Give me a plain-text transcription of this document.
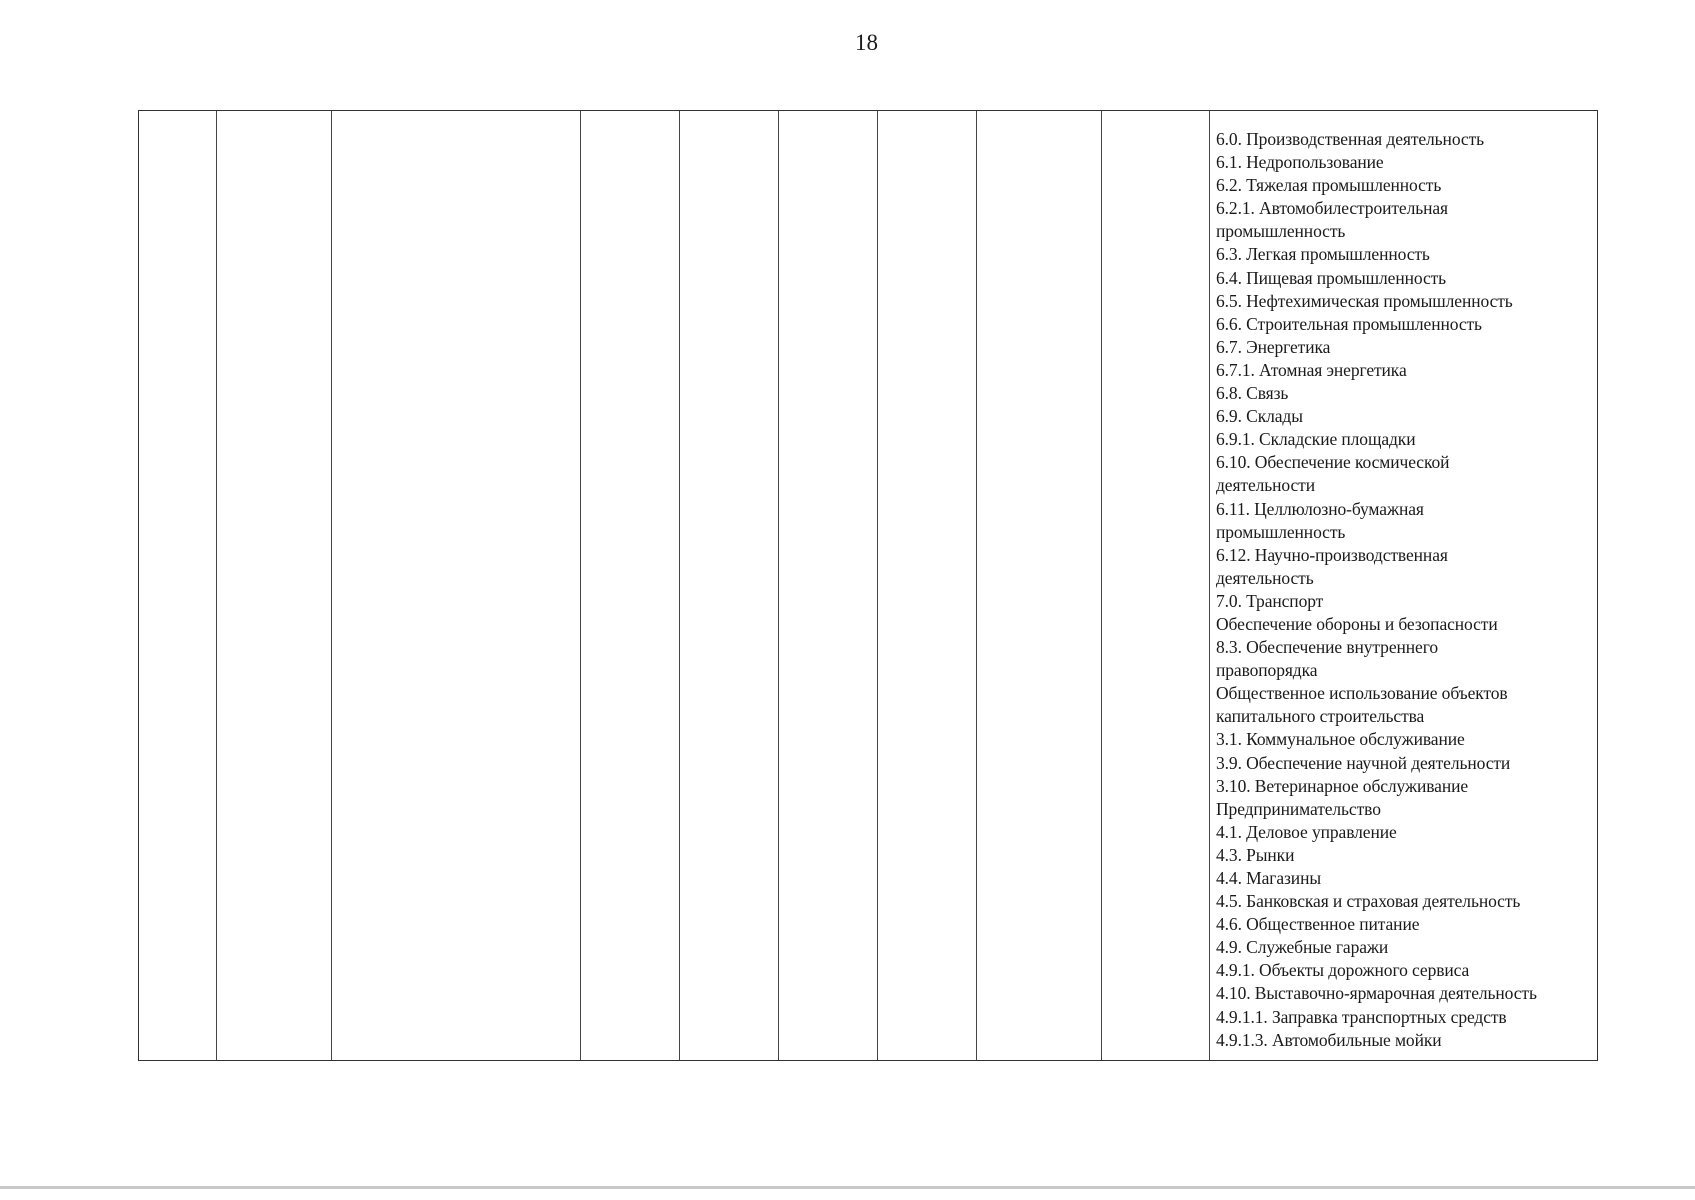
18
6.0. Производственная деятельность
6.1. Недропользование
6.2. Тяжелая промышленность
6.2.1. Автомобилестроительная
промышленность
6.3. Легкая промышленность
6.4. Пищевая промышленность
6.5. Нефтехимическая промышленность
6.6. Строительная промышленность
6.7. Энергетика
6.7.1. Атомная энергетика
6.8. Связь
6.9. Склады
6.9.1. Складские площадки
6.10. Обеспечение космической
деятельности
6.11. Целлюлозно-бумажная
промышленность
6.12. Научно-производственная
деятельность
7.0. Транспорт
Обеспечение обороны и безопасности
8.3. Обеспечение внутреннего
правопорядка
Общественное использование объектов
капитального строительства
3.1. Коммунальное обслуживание
3.9. Обеспечение научной деятельности
3.10. Ветеринарное обслуживание
Предпринимательство
4.1. Деловое управление
4.3. Рынки
4.4. Магазины
4.5. Банковская и страховая деятельность
4.6. Общественное питание
4.9. Служебные гаражи
4.9.1. Объекты дорожного сервиса
4.10. Выставочно-ярмарочная деятельность
4.9.1.1. Заправка транспортных средств
4.9.1.3. Автомобильные мойки
